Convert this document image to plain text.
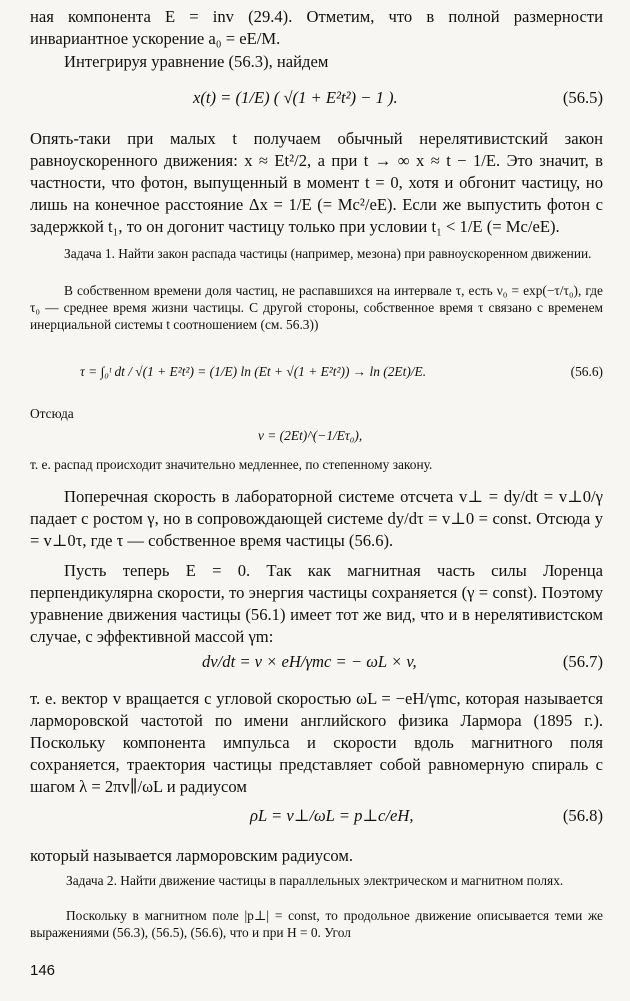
ная компонента E = inv (29.4). Отметим, что в полной размерности инвариантное ускорение a₀ = eE/M.
Интегрируя уравнение (56.3), найдем
x(t) = (1/E) ( √(1 + E²t²) − 1 ).	(56.5)
Опять-таки при малых t получаем обычный нерелятивистский закон равноускоренного движения: x ≈ Et²/2, а при t → ∞ x ≈ t − 1/E. Это значит, в частности, что фотон, выпущенный в момент t = 0, хотя и обгонит частицу, но лишь на конечное расстояние Δx = 1/E (= Mc²/eE). Если же выпустить фотон с задержкой t₁, то он догонит частицу только при условии t₁ < 1/E (= Mc/eE).
Задача 1. Найти закон распада частицы (например, мезона) при равноускоренном движении.
В собственном времени доля частиц, не распавшихся на интервале τ, есть ν₀ = exp(−τ/τ₀), где τ₀ — среднее время жизни частицы. С другой стороны, собственное время τ связано с временем инерциальной системы t соотношением (см. 56.3))
τ = ∫₀ᵗ dt / √(1 + E²t²) = (1/E) ln (Et + √(1 + E²t²)) → ln (2Et)/E.	(56.6)
Отсюда
ν = (2Et)^(−1/Eτ₀),
т. е. распад происходит значительно медленнее, по степенному закону.
Поперечная скорость в лабораторной системе отсчета v⊥ = dy/dt = v⊥0/γ падает с ростом γ, но в сопровождающей системе dy/dτ = v⊥0 = const. Отсюда y = v⊥0τ, где τ — собственное время частицы (56.6).
Пусть теперь E = 0. Так как магнитная часть силы Лоренца перпендикулярна скорости, то энергия частицы сохраняется (γ = const). Поэтому уравнение движения частицы (56.1) имеет тот же вид, что и в нерелятивистском случае, с эффективной массой γm:
dv/dt = v × eH/γmc = − ωL × v,	(56.7)
т. е. вектор v вращается с угловой скоростью ωL = −eH/γmc, которая называется ларморовской частотой по имени английского физика Лармора (1895 г.). Поскольку компонента импульса и скорости вдоль магнитного поля сохраняется, траектория частицы представляет собой равномерную спираль с шагом λ = 2πv∥/ωL и радиусом
ρL = v⊥/ωL = p⊥c/eH,	(56.8)
который называется ларморовским радиусом.
Задача 2. Найти движение частицы в параллельных электрическом и магнитном полях.
Поскольку в магнитном поле |p⊥| = const, то продольное движение описывается теми же выражениями (56.3), (56.5), (56.6), что и при H = 0. Угол
146
